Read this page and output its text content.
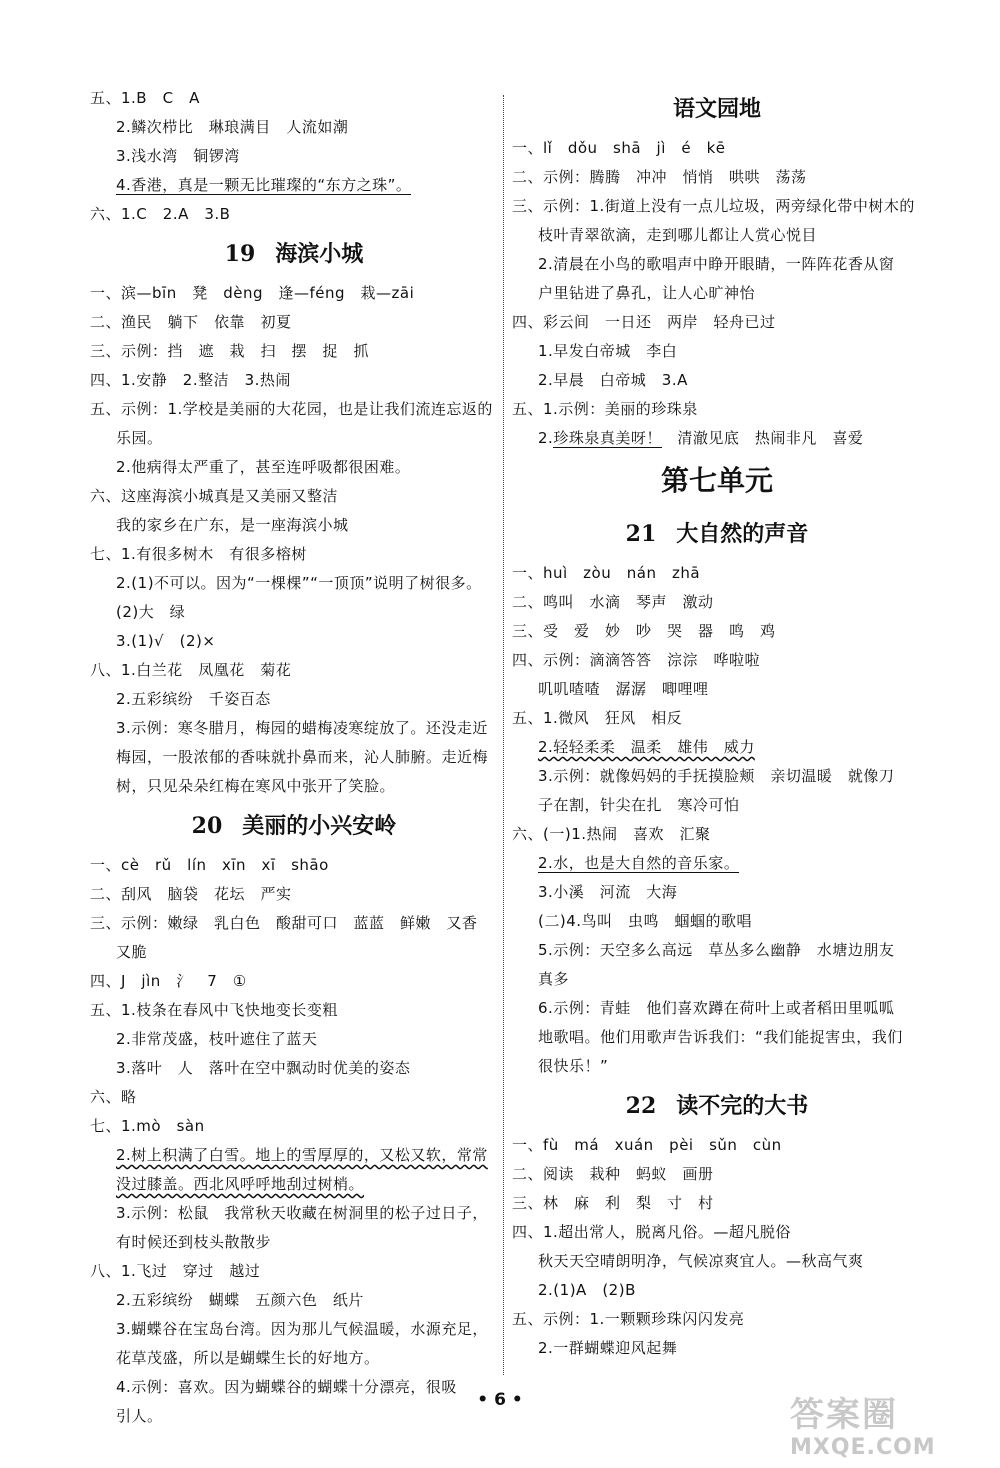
五、1.B　C　A
2.鳞次栉比　琳琅满目　人流如潮
3.浅水湾　铜锣湾
4.香港，真是一颗无比璀璨的“东方之珠”。
六、1.C　2.A　3.B
19 海滨小城
一、滨—bīn　凳　dèng　逢—féng　栽—zāi
二、渔民　躺下　依靠　初夏
三、示例：挡　遮　栽　扫　摆　捉　抓
四、1.安静　2.整洁　3.热闹
五、示例：1.学校是美丽的大花园，也是让我们流连忘返的
乐园。
2.他病得太严重了，甚至连呼吸都很困难。
六、这座海滨小城真是又美丽又整洁
我的家乡在广东，是一座海滨小城
七、1.有很多树木　有很多榕树
2.(1)不可以。因为“一棵棵”“一顶顶”说明了树很多。
(2)大　绿
3.(1)√　(2)×
八、1.白兰花　凤凰花　菊花
2.五彩缤纷　千姿百态
3.示例：寒冬腊月，梅园的蜡梅凌寒绽放了。还没走近
梅园，一股浓郁的香味就扑鼻而来，沁人肺腑。走近梅
树，只见朵朵红梅在寒风中张开了笑脸。
20 美丽的小兴安岭
一、cè　rǔ　lín　xīn　xī　shāo
二、刮风　脑袋　花坛　严实
三、示例：嫩绿　乳白色　酸甜可口　蓝蓝　鲜嫩　又香
又脆
四、J　jìn　氵　7　①
五、1.枝条在春风中飞快地变长变粗
2.非常茂盛，枝叶遮住了蓝天
3.落叶　人　落叶在空中飘动时优美的姿态
六、略
七、1.mò　sàn
2.树上积满了白雪。地上的雪厚厚的，又松又软，常常
没过膝盖。西北风呼呼地刮过树梢。
3.示例：松鼠　我常秋天收藏在树洞里的松子过日子，
有时候还到枝头散散步
八、1.飞过　穿过　越过
2.五彩缤纷　蝴蝶　五颜六色　纸片
3.蝴蝶谷在宝岛台湾。因为那儿气候温暖，水源充足，
花草茂盛，所以是蝴蝶生长的好地方。
4.示例：喜欢。因为蝴蝶谷的蝴蝶十分漂亮，很吸
引人。
语文园地
一、lǐ　dǒu　shā　jì　é　kē
二、示例：腾腾　冲冲　悄悄　哄哄　荡荡
三、示例：1.街道上没有一点儿垃圾，两旁绿化带中树木的
枝叶青翠欲滴，走到哪儿都让人赏心悦目
2.清晨在小鸟的歌唱声中睁开眼睛，一阵阵花香从窗
户里钻进了鼻孔，让人心旷神怡
四、彩云间　一日还　两岸　轻舟已过
1.早发白帝城　李白
2.早晨　白帝城　3.A
五、1.示例：美丽的珍珠泉
2.珍珠泉真美呀！　清澈见底　热闹非凡　喜爱
第七单元
21 大自然的声音
一、huì　zòu　nán　zhā
二、鸣叫　水滴　琴声　激动
三、受　爱　妙　吵　哭　器　鸣　鸡
四、示例：滴滴答答　淙淙　哗啦啦
叽叽喳喳　潺潺　唧哩哩
五、1.微风　狂风　相反
2.轻轻柔柔　温柔　雄伟　威力
3.示例：就像妈妈的手抚摸脸颊　亲切温暖　就像刀
子在割，针尖在扎　寒冷可怕
六、(一)1.热闹　喜欢　汇聚
2.水，也是大自然的音乐家。
3.小溪　河流　大海
(二)4.鸟叫　虫鸣　蝈蝈的歌唱
5.示例：天空多么高远　草丛多么幽静　水塘边朋友
真多
6.示例：青蛙　他们喜欢蹲在荷叶上或者稻田里呱呱
地歌唱。他们用歌声告诉我们：“我们能捉害虫，我们
很快乐！”
22 读不完的大书
一、fù　má　xuán　pèi　sǔn　cùn
二、阅读　栽种　蚂蚁　画册
三、林　麻　利　梨　寸　村
四、1.超出常人，脱离凡俗。—超凡脱俗
秋天天空晴朗明净，气候凉爽宜人。—秋高气爽
2.(1)A　(2)B
五、示例：1.一颗颗珍珠闪闪发亮
2.一群蝴蝶迎风起舞
• 6 •	答案圈
MXQE.COM
